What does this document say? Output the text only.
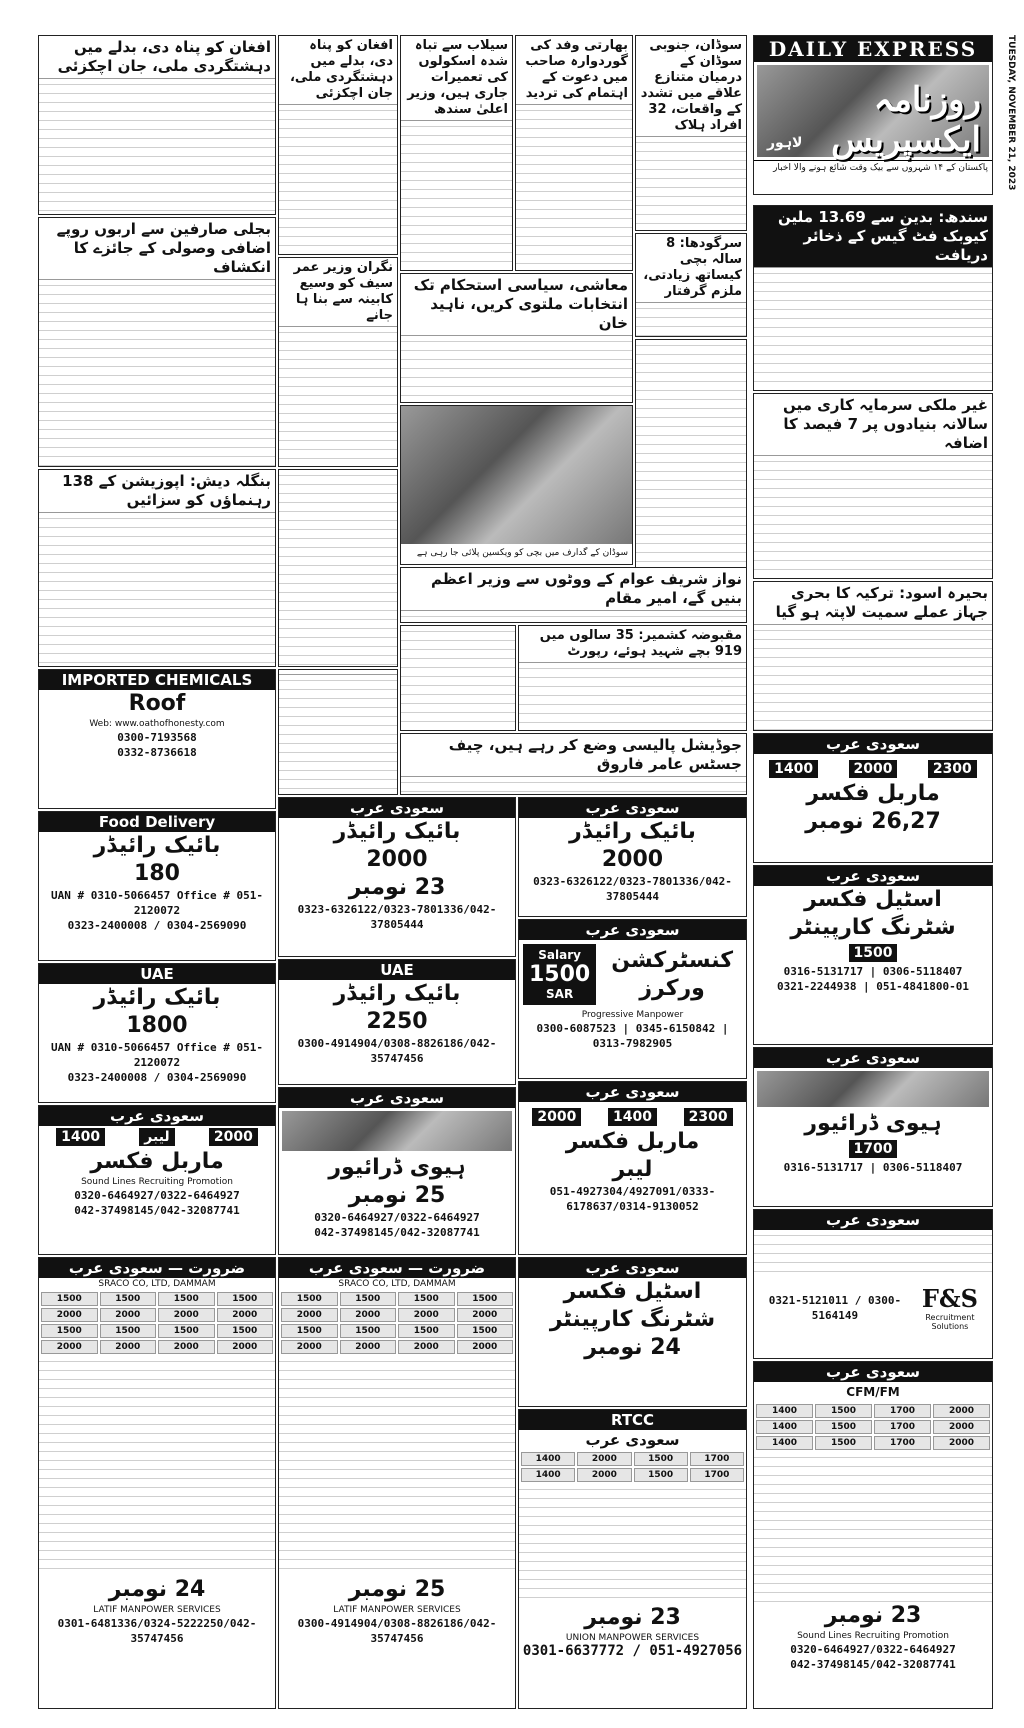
DAILY EXPRESS
روزنامہ ایکسپریس
لاہور
پاکستان کے ۱۴ شہروں سے بیک وقت شائع ہونے والا اخبار	TUESDAY, NOVEMBER 21, 2023
سوڈان، جنوبی سوڈان کے درمیان متنازع علاقے میں تشدد کے واقعات، 32 افراد ہلاک
بھارتی وفد کی گوردوارہ صاحب میں دعوت کے اہتمام کی تردید
سیلاب سے تباہ شدہ اسکولوں کی تعمیرات جاری ہیں، وزیر اعلیٰ سندھ
افغان کو پناہ دی، بدلے میں دہشتگردی ملی، جان اچکزئی
افغان کو پناہ دی، بدلے میں دہشتگردی ملی، جان اچکزئی
سندھ: بدین سے 13.69 ملین کیوبک فٹ گیس کے ذخائر دریافت
سرگودھا: 8 سالہ بچی کیساتھ زیادتی، ملزم گرفتار
معاشی، سیاسی استحکام تک انتخابات ملتوی کریں، ناہید خان
بجلی صارفین سے اربوں روپے اضافی وصولی کے جائزے کا انکشاف	نگران وزیر عمر سیف کو وسیع کابینہ سے بنا ہا جانے
سوڈان کے گدارف میں بچی کو ویکسین پلائی جا رہی ہے
غیر ملکی سرمایہ کاری میں سالانہ بنیادوں پر 7 فیصد کا اضافہ
بنگلہ دیش: اپوزیشن کے 138 رہنماؤں کو سزائیں
نواز شریف عوام کے ووٹوں سے وزیر اعظم بنیں گے، امیر مقام	بحیرہ اسود: ترکیہ کا بحری جہاز عملے سمیت لاپتہ ہو گیا
مقبوضہ کشمیر: 35 سالوں میں 919 بچے شہید ہوئے، رپورٹ
جوڈیشل پالیسی وضع کر رہے ہیں، چیف جسٹس عامر فاروق
IMPORTED CHEMICALS
Roof
Web: www.oathofhonesty.com
0300-7193568
0332-8736618
Food Delivery
بائیک رائیڈر
180
UAN # 0310-5066457 Office # 051-2120072
0323-2400008 / 0304-2569090
UAE
بائیک رائیڈر
1800
UAN # 0310-5066457 Office # 051-2120072
0323-2400008 / 0304-2569090
سعودی عرب
1400	لیبر	2000
ماربل فکسر
Sound Lines Recruiting Promotion
0320-6464927/0322-6464927
042-37498145/042-32087741
ضرورت — سعودی عرب
SRACO CO, LTD, DAMMAM
1500	1500	1500	1500
2000	2000	2000	2000
1500	1500	1500	1500
2000	2000	2000	2000
24 نومبر
LATIF MANPOWER SERVICES
0301-6481336/0324-5222250/042-35747456
سعودی عرب
بائیک رائیڈر
2000
23 نومبر
0323-6326122/0323-7801336/042-37805444
UAE
بائیک رائیڈر
2250
0300-4914904/0308-8826186/042-35747456
سعودی عرب
ہیوی ڈرائیور
25 نومبر
0320-6464927/0322-6464927
042-37498145/042-32087741
ضرورت — سعودی عرب
SRACO CO, LTD, DAMMAM
1500	1500	1500	1500
2000	2000	2000	2000
1500	1500	1500	1500
2000	2000	2000	2000
25 نومبر
LATIF MANPOWER SERVICES
0300-4914904/0308-8826186/042-35747456
سعودی عرب
بائیک رائیڈر
2000
0323-6326122/0323-7801336/042-37805444
سعودی عرب
Salary
1500
SAR
کنسٹرکشن ورکرز
Progressive Manpower
0300-6087523 | 0345-6150842 | 0313-7982905
سعودی عرب
2000	1400	2300
ماربل فکسر
لیبر
051-4927304/4927091/0333-6178637/0314-9130052
سعودی عرب
اسٹیل فکسر
شٹرنگ کارپینٹر
24 نومبر
RTCC
سعودی عرب
1400	2000	1500	1700
1400	2000	1500	1700
23 نومبر
UNION MANPOWER SERVICES
0301-6637772 / 051-4927056
سعودی عرب
1400	2000	2300
ماربل فکسر
26,27 نومبر
سعودی عرب
اسٹیل فکسر
شٹرنگ کارپینٹر
1500
0316-5131717 | 0306-5118407
0321-2244938 | 051-4841800-01
سعودی عرب
ہیوی ڈرائیور
1700
0316-5131717 | 0306-5118407
سعودی عرب
0321-5121011 / 0300-5164149
F&S
Recruitment Solutions
سعودی عرب
CFM/FM
1400	1500	1700	2000
1400	1500	1700	2000
1400	1500	1700	2000
23 نومبر
Sound Lines Recruiting Promotion
0320-6464927/0322-6464927
042-37498145/042-32087741
